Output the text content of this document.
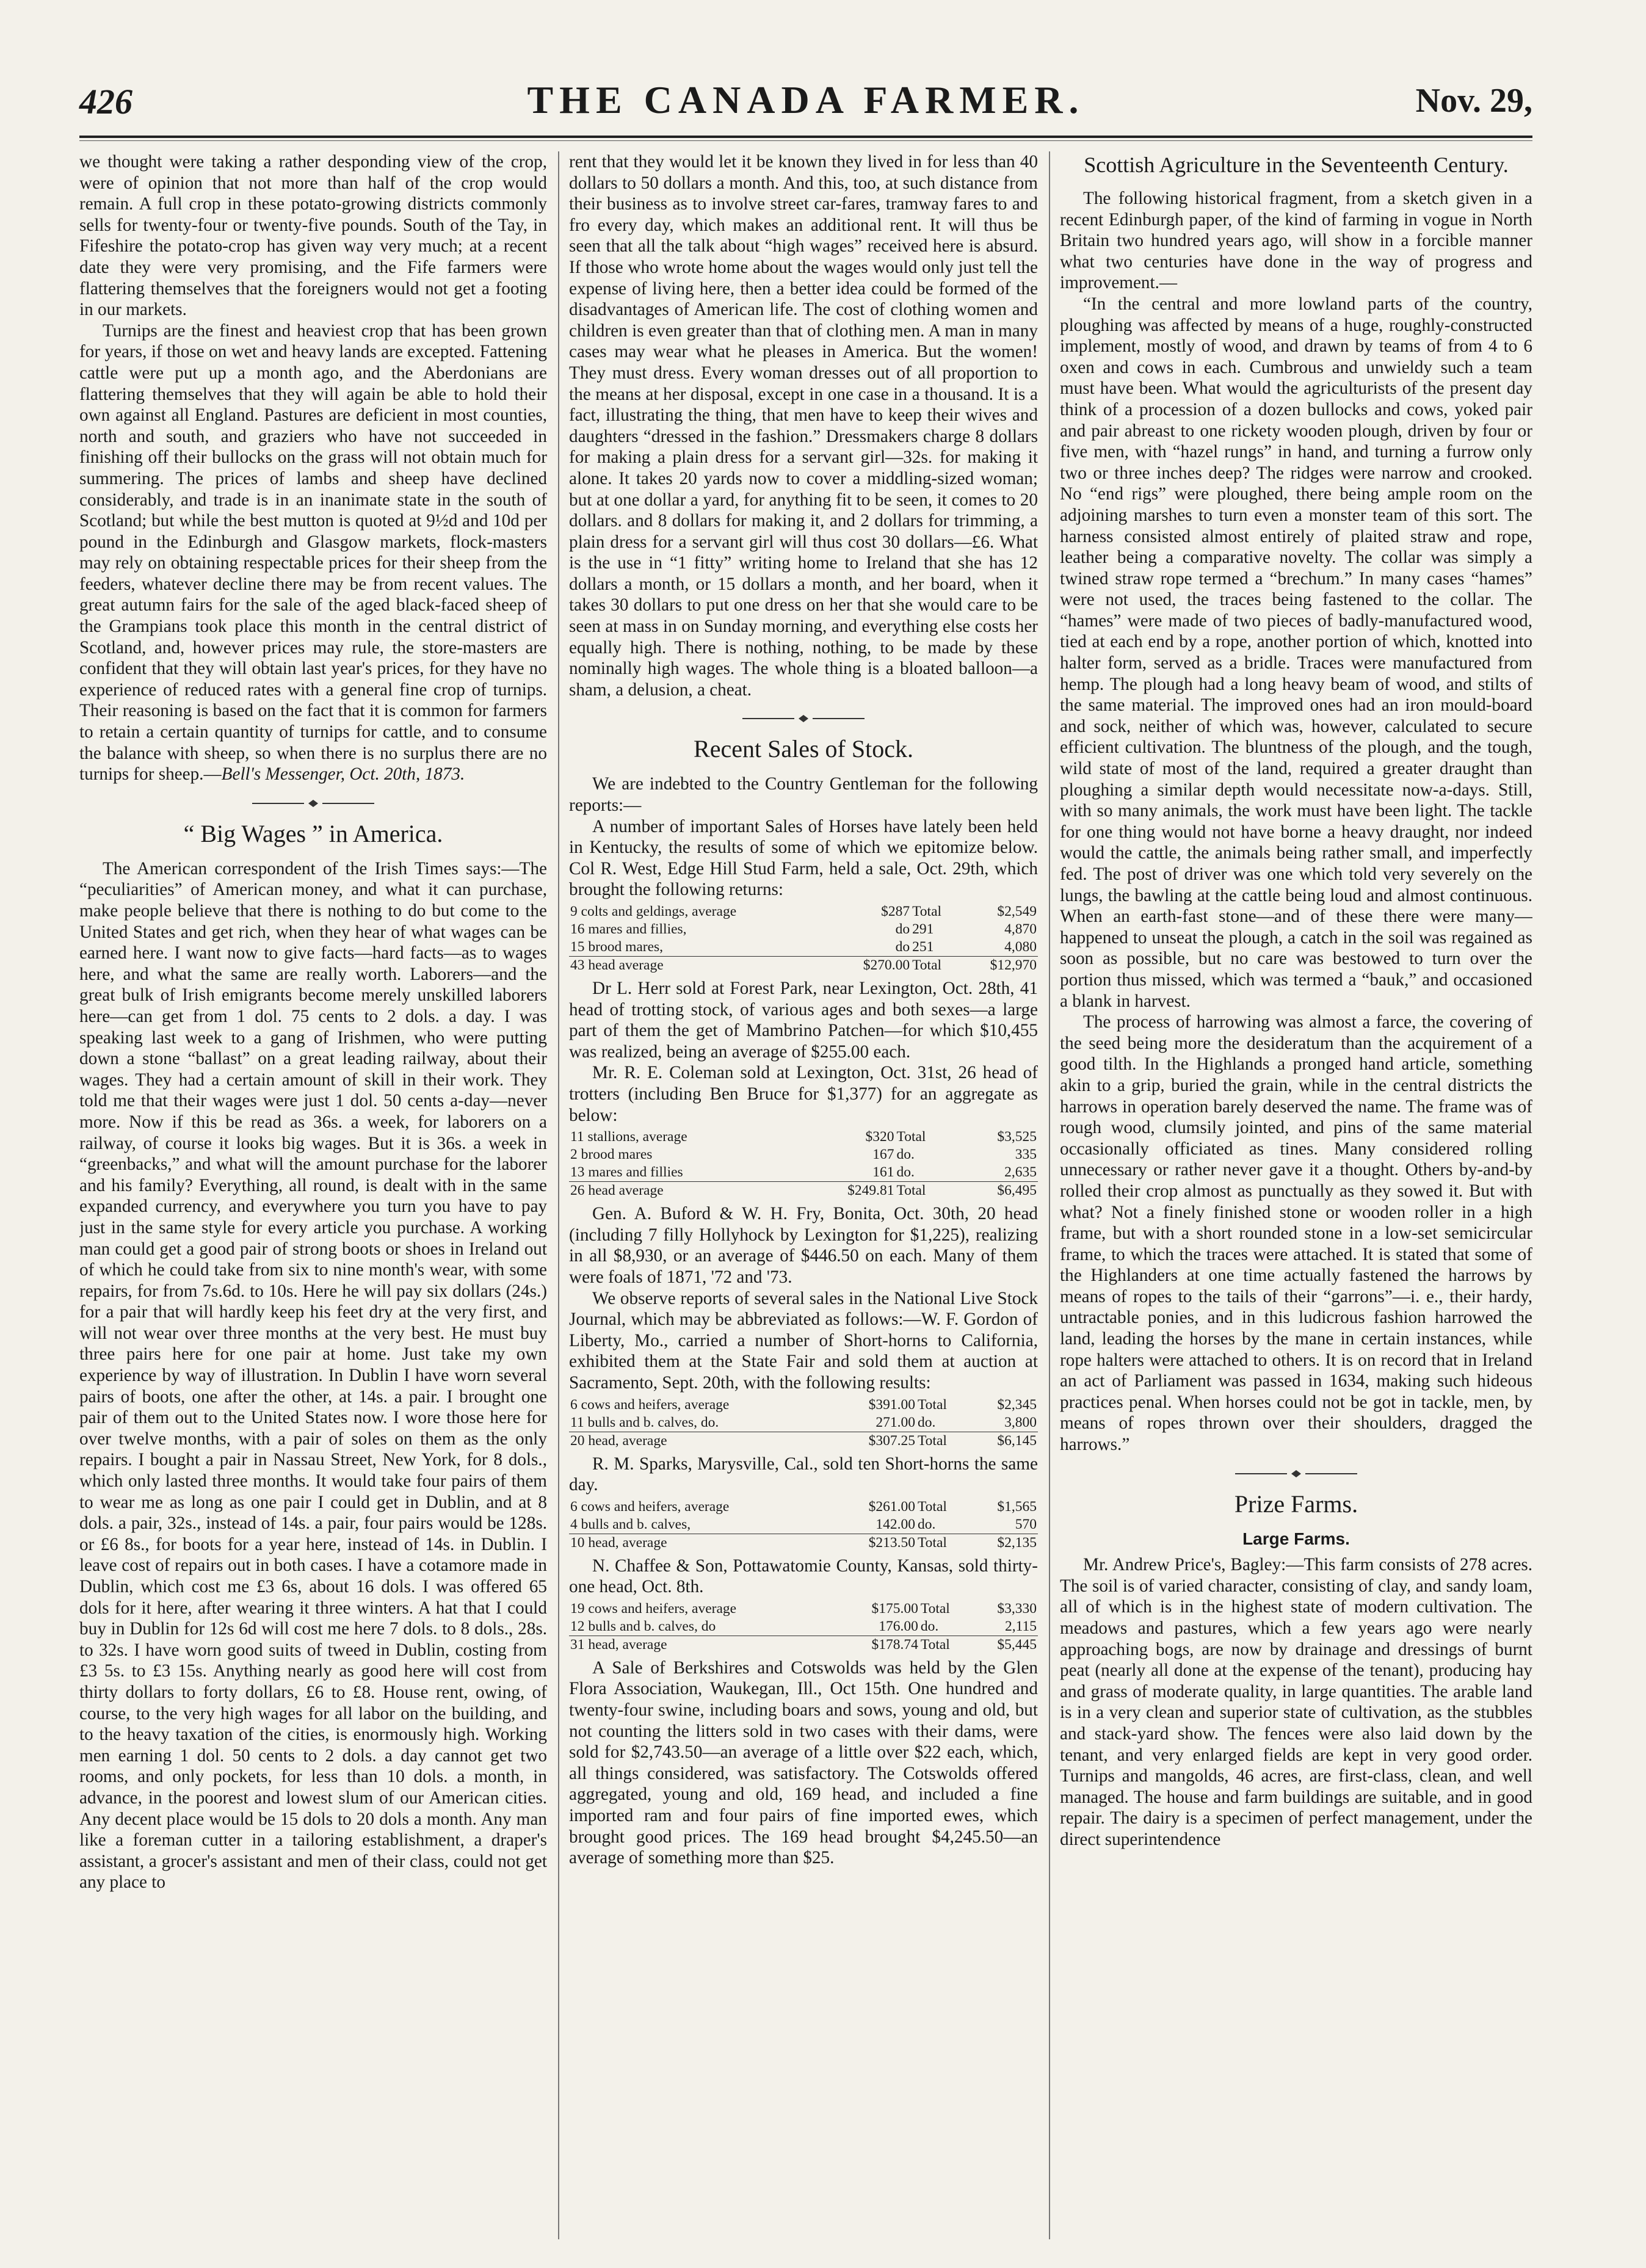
426	THE CANADA FARMER.	Nov. 29,

we thought were taking a rather desponding view of the crop, were of opinion that not more than half of the crop would remain. A full crop in these potato-growing districts commonly sells for twenty-four or twenty-five pounds. South of the Tay, in Fifeshire the potato-crop has given way very much; at a recent date they were very promising, and the Fife farmers were flattering themselves that the foreigners would not get a footing in our markets.

Turnips are the finest and heaviest crop that has been grown for years, if those on wet and heavy lands are excepted. Fattening cattle were put up a month ago, and the Aberdonians are flattering themselves that they will again be able to hold their own against all England. Pastures are deficient in most counties, north and south, and graziers who have not succeeded in finishing off their bullocks on the grass will not obtain much for summering. The prices of lambs and sheep have declined considerably, and trade is in an inanimate state in the south of Scotland; but while the best mutton is quoted at 9½d and 10d per pound in the Edinburgh and Glasgow markets, flock-masters may rely on obtaining respectable prices for their sheep from the feeders, whatever decline there may be from recent values. The great autumn fairs for the sale of the aged black-faced sheep of the Grampians took place this month in the central district of Scotland, and, however prices may rule, the store-masters are confident that they will obtain last year's prices, for they have no experience of reduced rates with a general fine crop of turnips. Their reasoning is based on the fact that it is common for farmers to retain a certain quantity of turnips for cattle, and to consume the balance with sheep, so when there is no surplus there are no turnips for sheep.—Bell's Messenger, Oct. 20th, 1873.

“ Big Wages ” in America.

The American correspondent of the Irish Times says:—The “peculiarities” of American money, and what it can purchase, make people believe that there is nothing to do but come to the United States and get rich, when they hear of what wages can be earned here. I want now to give facts—hard facts—as to wages here, and what the same are really worth. Laborers—and the great bulk of Irish emigrants become merely unskilled laborers here—can get from 1 dol. 75 cents to 2 dols. a day. I was speaking last week to a gang of Irishmen, who were putting down a stone “ballast” on a great leading railway, about their wages. They had a certain amount of skill in their work. They told me that their wages were just 1 dol. 50 cents a-day—never more. Now if this be read as 36s. a week, for laborers on a railway, of course it looks big wages. But it is 36s. a week in “greenbacks,” and what will the amount purchase for the laborer and his family? Everything, all round, is dealt with in the same expanded currency, and everywhere you turn you have to pay just in the same style for every article you purchase. A working man could get a good pair of strong boots or shoes in Ireland out of which he could take from six to nine month's wear, with some repairs, for from 7s.6d. to 10s. Here he will pay six dollars (24s.) for a pair that will hardly keep his feet dry at the very first, and will not wear over three months at the very best. He must buy three pairs here for one pair at home. Just take my own experience by way of illustration. In Dublin I have worn several pairs of boots, one after the other, at 14s. a pair. I brought one pair of them out to the United States now. I wore those here for over twelve months, with a pair of soles on them as the only repairs. I bought a pair in Nassau Street, New York, for 8 dols., which only lasted three months. It would take four pairs of them to wear me as long as one pair I could get in Dublin, and at 8 dols. a pair, 32s., instead of 14s. a pair, four pairs would be 128s. or £6 8s., for boots for a year here, instead of 14s. in Dublin. I leave cost of repairs out in both cases. I have a cotamore made in Dublin, which cost me £3 6s, about 16 dols. I was offered 65 dols for it here, after wearing it three winters. A hat that I could buy in Dublin for 12s 6d will cost me here 7 dols. to 8 dols., 28s. to 32s. I have worn good suits of tweed in Dublin, costing from £3 5s. to £3 15s. Anything nearly as good here will cost from thirty dollars to forty dollars, £6 to £8. House rent, owing, of course, to the very high wages for all labor on the building, and to the heavy taxation of the cities, is enormously high. Working men earning 1 dol. 50 cents to 2 dols. a day cannot get two rooms, and only pockets, for less than 10 dols. a month, in advance, in the poorest and lowest slum of our American cities. Any decent place would be 15 dols to 20 dols a month. Any man like a foreman cutter in a tailoring establishment, a draper's assistant, a grocer's assistant and men of their class, could not get any place to

rent that they would let it be known they lived in for less than 40 dollars to 50 dollars a month. And this, too, at such distance from their business as to involve street car-fares, tramway fares to and fro every day, which makes an additional rent. It will thus be seen that all the talk about “high wages” received here is absurd. If those who wrote home about the wages would only just tell the expense of living here, then a better idea could be formed of the disadvantages of American life. The cost of clothing women and children is even greater than that of clothing men. A man in many cases may wear what he pleases in America. But the women! They must dress. Every woman dresses out of all proportion to the means at her disposal, except in one case in a thousand. It is a fact, illustrating the thing, that men have to keep their wives and daughters “dressed in the fashion.” Dressmakers charge 8 dollars for making a plain dress for a servant girl—32s. for making it alone. It takes 20 yards now to cover a middling-sized woman; but at one dollar a yard, for anything fit to be seen, it comes to 20 dollars. and 8 dollars for making it, and 2 dollars for trimming, a plain dress for a servant girl will thus cost 30 dollars—£6. What is the use in “1 fitty” writing home to Ireland that she has 12 dollars a month, or 15 dollars a month, and her board, when it takes 30 dollars to put one dress on her that she would care to be seen at mass in on Sunday morning, and everything else costs her equally high. There is nothing, nothing, to be made by these nominally high wages. The whole thing is a bloated balloon—a sham, a delusion, a cheat.

Recent Sales of Stock.

We are indebted to the Country Gentleman for the following reports:—

A number of important Sales of Horses have lately been held in Kentucky, the results of some of which we epitomize below. Col R. West, Edge Hill Stud Farm, held a sale, Oct. 29th, which brought the following returns:

9 colts and geldings, average	$287	Total	$2,549
16 mares and fillies,	do	291	4,870
15 brood mares,	do	251	4,080
43 head average	$270.00	Total	$12,970

Dr L. Herr sold at Forest Park, near Lexington, Oct. 28th, 41 head of trotting stock, of various ages and both sexes—a large part of them the get of Mambrino Patchen—for which $10,455 was realized, being an average of $255.00 each.

Mr. R. E. Coleman sold at Lexington, Oct. 31st, 26 head of trotters (including Ben Bruce for $1,377) for an aggregate as below:

11 stallions, average	$320	Total	$3,525
2 brood mares	167	do.	335
13 mares and fillies	161	do.	2,635
26 head average	$249.81	Total	$6,495

Gen. A. Buford & W. H. Fry, Bonita, Oct. 30th, 20 head (including 7 filly Hollyhock by Lexington for $1,225), realizing in all $8,930, or an average of $446.50 on each. Many of them were foals of 1871, '72 and '73.

We observe reports of several sales in the National Live Stock Journal, which may be abbreviated as follows:—W. F. Gordon of Liberty, Mo., carried a number of Short-horns to California, exhibited them at the State Fair and sold them at auction at Sacramento, Sept. 20th, with the following results:

6 cows and heifers, average	$391.00	Total	$2,345
11 bulls and b. calves, do.	271.00	do.	3,800
20 head, average	$307.25	Total	$6,145

R. M. Sparks, Marysville, Cal., sold ten Short-horns the same day.

6 cows and heifers, average	$261.00	Total	$1,565
4 bulls and b. calves,	142.00	do.	570
10 head, average	$213.50	Total	$2,135

N. Chaffee & Son, Pottawatomie County, Kansas, sold thirty-one head, Oct. 8th.

19 cows and heifers, average	$175.00	Total	$3,330
12 bulls and b. calves, do	176.00	do.	2,115
31 head, average	$178.74	Total	$5,445

A Sale of Berkshires and Cotswolds was held by the Glen Flora Association, Waukegan, Ill., Oct 15th. One hundred and twenty-four swine, including boars and sows, young and old, but not counting the litters sold in two cases with their dams, were sold for $2,743.50—an average of a little over $22 each, which, all things considered, was satisfactory. The Cotswolds offered aggregated, young and old, 169 head, and included a fine imported ram and four pairs of fine imported ewes, which brought good prices. The 169 head brought $4,245.50—an average of something more than $25.

Scottish Agriculture in the Seventeenth Century.

The following historical fragment, from a sketch given in a recent Edinburgh paper, of the kind of farming in vogue in North Britain two hundred years ago, will show in a forcible manner what two centuries have done in the way of progress and improvement.—

“In the central and more lowland parts of the country, ploughing was affected by means of a huge, roughly-constructed implement, mostly of wood, and drawn by teams of from 4 to 6 oxen and cows in each. Cumbrous and unwieldy such a team must have been. What would the agriculturists of the present day think of a procession of a dozen bullocks and cows, yoked pair and pair abreast to one rickety wooden plough, driven by four or five men, with “hazel rungs” in hand, and turning a furrow only two or three inches deep? The ridges were narrow and crooked. No “end rigs” were ploughed, there being ample room on the adjoining marshes to turn even a monster team of this sort. The harness consisted almost entirely of plaited straw and rope, leather being a comparative novelty. The collar was simply a twined straw rope termed a “brechum.” In many cases “hames” were not used, the traces being fastened to the collar. The “hames” were made of two pieces of badly-manufactured wood, tied at each end by a rope, another portion of which, knotted into halter form, served as a bridle. Traces were manufactured from hemp. The plough had a long heavy beam of wood, and stilts of the same material. The improved ones had an iron mould-board and sock, neither of which was, however, calculated to secure efficient cultivation. The bluntness of the plough, and the tough, wild state of most of the land, required a greater draught than ploughing a similar depth would necessitate now-a-days. Still, with so many animals, the work must have been light. The tackle for one thing would not have borne a heavy draught, nor indeed would the cattle, the animals being rather small, and imperfectly fed. The post of driver was one which told very severely on the lungs, the bawling at the cattle being loud and almost continuous. When an earth-fast stone—and of these there were many—happened to unseat the plough, a catch in the soil was regained as soon as possible, but no care was bestowed to turn over the portion thus missed, which was termed a “bauk,” and occasioned a blank in harvest.

The process of harrowing was almost a farce, the covering of the seed being more the desideratum than the acquirement of a good tilth. In the Highlands a pronged hand article, something akin to a grip, buried the grain, while in the central districts the harrows in operation barely deserved the name. The frame was of rough wood, clumsily jointed, and pins of the same material occasionally officiated as tines. Many considered rolling unnecessary or rather never gave it a thought. Others by-and-by rolled their crop almost as punctually as they sowed it. But with what? Not a finely finished stone or wooden roller in a high frame, but with a short rounded stone in a low-set semicircular frame, to which the traces were attached. It is stated that some of the Highlanders at one time actually fastened the harrows by means of ropes to the tails of their “garrons”—i. e., their hardy, untractable ponies, and in this ludicrous fashion harrowed the land, leading the horses by the mane in certain instances, while rope halters were attached to others. It is on record that in Ireland an act of Parliament was passed in 1634, making such hideous practices penal. When horses could not be got in tackle, men, by means of ropes thrown over their shoulders, dragged the harrows.”

Prize Farms.
Large Farms.

Mr. Andrew Price's, Bagley:—This farm consists of 278 acres. The soil is of varied character, consisting of clay, and sandy loam, all of which is in the highest state of modern cultivation. The meadows and pastures, which a few years ago were nearly approaching bogs, are now by drainage and dressings of burnt peat (nearly all done at the expense of the tenant), producing hay and grass of moderate quality, in large quantities. The arable land is in a very clean and superior state of cultivation, as the stubbles and stack-yard show. The fences were also laid down by the tenant, and very enlarged fields are kept in very good order. Turnips and mangolds, 46 acres, are first-class, clean, and well managed. The house and farm buildings are suitable, and in good repair. The dairy is a specimen of perfect management, under the direct superintendence
